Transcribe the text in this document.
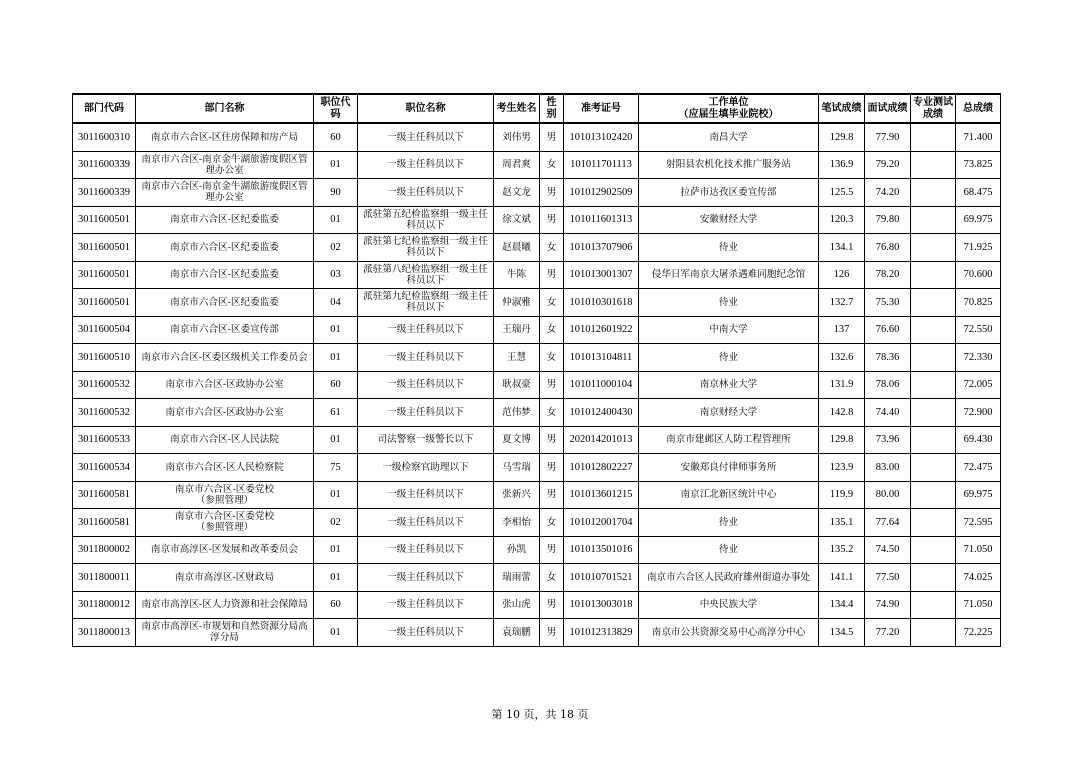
部门代码	部门名称	职位代码	职位名称	考生姓名	性别	准考证号	工作单位
（应届生填毕业院校）	笔试成绩	面试成绩	专业测试成绩	总成绩
3011600310	南京市六合区-区住房保障和房产局	60	一级主任科员以下	刘伟男	男	101013102420	南昌大学	129.8	77.90		71.400
3011600339	南京市六合区-南京金牛湖旅游度假区管理办公室	01	一级主任科员以下	周君爽	女	101011701113	射阳县农机化技术推广服务站	136.9	79.20		73.825
3011600339	南京市六合区-南京金牛湖旅游度假区管理办公室	90	一级主任科员以下	赵文龙	男	101012902509	拉萨市达孜区委宣传部	125.5	74.20		68.475
3011600501	南京市六合区-区纪委监委	01	派驻第五纪检监察组一级主任科员以下	徐文斌	男	101011601313	安徽财经大学	120.3	79.80		69.975
3011600501	南京市六合区-区纪委监委	02	派驻第七纪检监察组一级主任科员以下	赵晨曦	女	101013707906	待业	134.1	76.80		71.925
3011600501	南京市六合区-区纪委监委	03	派驻第八纪检监察组一级主任科员以下	牛陈	男	101013001307	侵华日军南京大屠杀遇难同胞纪念馆	126	78.20		70.600
3011600501	南京市六合区-区纪委监委	04	派驻第九纪检监察组一级主任科员以下	仲淑雅	女	101010301618	待业	132.7	75.30		70.825
3011600504	南京市六合区-区委宣传部	01	一级主任科员以下	王瑞丹	女	101012601922	中南大学	137	76.60		72.550
3011600510	南京市六合区-区委区级机关工作委员会	01	一级主任科员以下	王慧	女	101013104811	待业	132.6	78.36		72.330
3011600532	南京市六合区-区政协办公室	60	一级主任科员以下	耿叔豪	男	101011000104	南京林业大学	131.9	78.06		72.005
3011600532	南京市六合区-区政协办公室	61	一级主任科员以下	范伟梦	女	101012400430	南京财经大学	142.8	74.40		72.900
3011600533	南京市六合区-区人民法院	01	司法警察一级警长以下	夏文博	男	202014201013	南京市建邺区人防工程管理所	129.8	73.96		69.430
3011600534	南京市六合区-区人民检察院	75	一级检察官助理以下	马雪瑞	男	101012802227	安徽郑良付律师事务所	123.9	83.00		72.475
3011600581	南京市六合区-区委党校
（参照管理）	01	一级主任科员以下	张新兴	男	101013601215	南京江北新区统计中心	119.9	80.00		69.975
3011600581	南京市六合区-区委党校
（参照管理）	02	一级主任科员以下	李相怡	女	101012001704	待业	135.1	77.64		72.595
3011800002	南京市高淳区-区发展和改革委员会	01	一级主任科员以下	孙凯	男	101013501016	待业	135.2	74.50		71.050
3011800011	南京市高淳区-区财政局	01	一级主任科员以下	瑞雨蕾	女	101010701521	南京市六合区人民政府雄州街道办事处	141.1	77.50		74.025
3011800012	南京市高淳区-区人力资源和社会保障局	60	一级主任科员以下	张山虎	男	101013003018	中央民族大学	134.4	74.90		71.050
3011800013	南京市高淳区-市规划和自然资源分局高淳分局	01	一级主任科员以下	袁瑞鹏	男	101012313829	南京市公共资源交易中心高淳分中心	134.5	77.20		72.225
第 10 页，共 18 页
